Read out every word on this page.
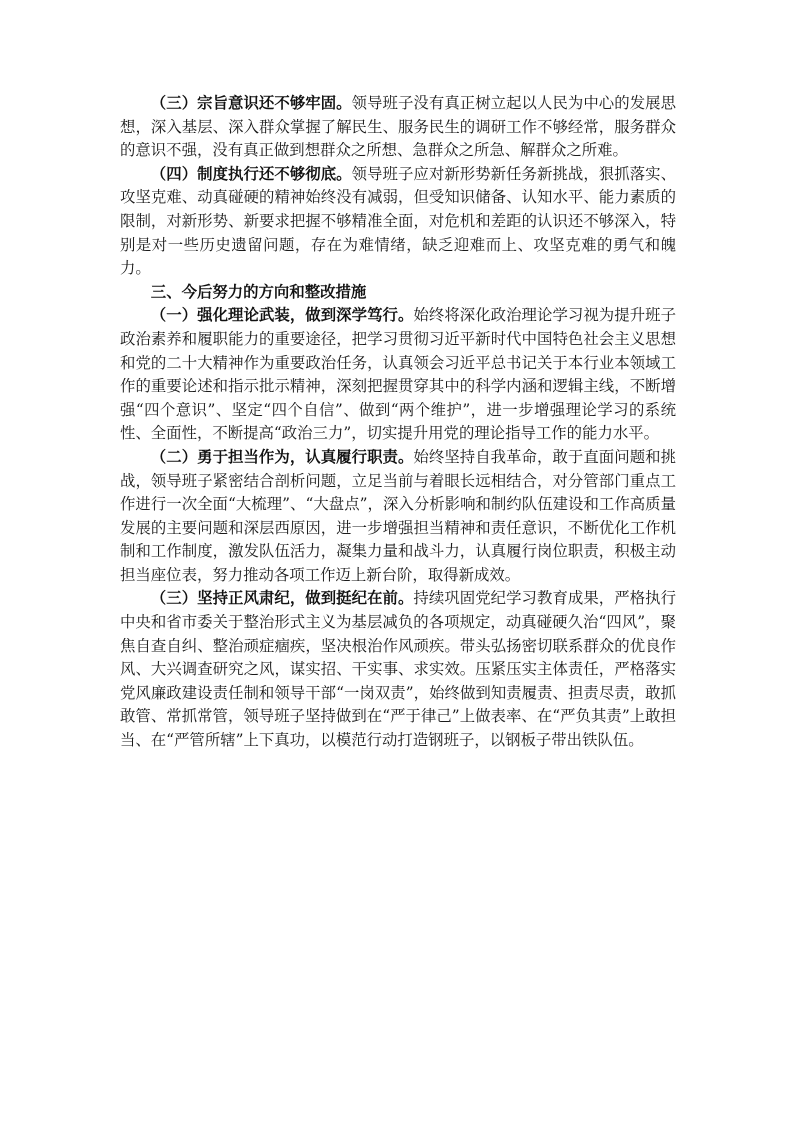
（三）宗旨意识还不够牢固。领导班子没有真正树立起以人民为中心的发展思想，深入基层、深入群众掌握了解民生、服务民生的调研工作不够经常，服务群众的意识不强，没有真正做到想群众之所想、急群众之所急、解群众之所难。

（四）制度执行还不够彻底。领导班子应对新形势新任务新挑战，狠抓落实、攻坚克难、动真碰硬的精神始终没有减弱，但受知识储备、认知水平、能力素质的限制，对新形势、新要求把握不够精准全面，对危机和差距的认识还不够深入，特别是对一些历史遗留问题，存在为难情绪，缺乏迎难而上、攻坚克难的勇气和魄力。

三、今后努力的方向和整改措施

（一）强化理论武装，做到深学笃行。始终将深化政治理论学习视为提升班子政治素养和履职能力的重要途径，把学习贯彻习近平新时代中国特色社会主义思想和党的二十大精神作为重要政治任务，认真领会习近平总书记关于本行业本领域工作的重要论述和指示批示精神，深刻把握贯穿其中的科学内涵和逻辑主线，不断增强“四个意识”、坚定“四个自信”、做到“两个维护”，进一步增强理论学习的系统性、全面性，不断提高“政治三力”，切实提升用党的理论指导工作的能力水平。

（二）勇于担当作为，认真履行职责。始终坚持自我革命，敢于直面问题和挑战，领导班子紧密结合剖析问题，立足当前与着眼长远相结合，对分管部门重点工作进行一次全面“大梳理”、“大盘点”，深入分析影响和制约队伍建设和工作高质量发展的主要问题和深层西原因，进一步增强担当精神和责任意识，不断优化工作机制和工作制度，激发队伍活力，凝集力量和战斗力，认真履行岗位职责，积极主动担当座位表，努力推动各项工作迈上新台阶，取得新成效。

（三）坚持正风肃纪，做到挺纪在前。持续巩固党纪学习教育成果，严格执行中央和省市委关于整治形式主义为基层减负的各项规定，动真碰硬久治“四风”，聚焦自查自纠、整治顽症痼疾，坚决根治作风顽疾。带头弘扬密切联系群众的优良作风、大兴调查研究之风，谋实招、干实事、求实效。压紧压实主体责任，严格落实党风廉政建设责任制和领导干部“一岗双责”，始终做到知责履责、担责尽责，敢抓敢管、常抓常管，领导班子坚持做到在“严于律己”上做表率、在“严负其责”上敢担当、在“严管所辖”上下真功，以模范行动打造钢班子，以钢板子带出铁队伍。
